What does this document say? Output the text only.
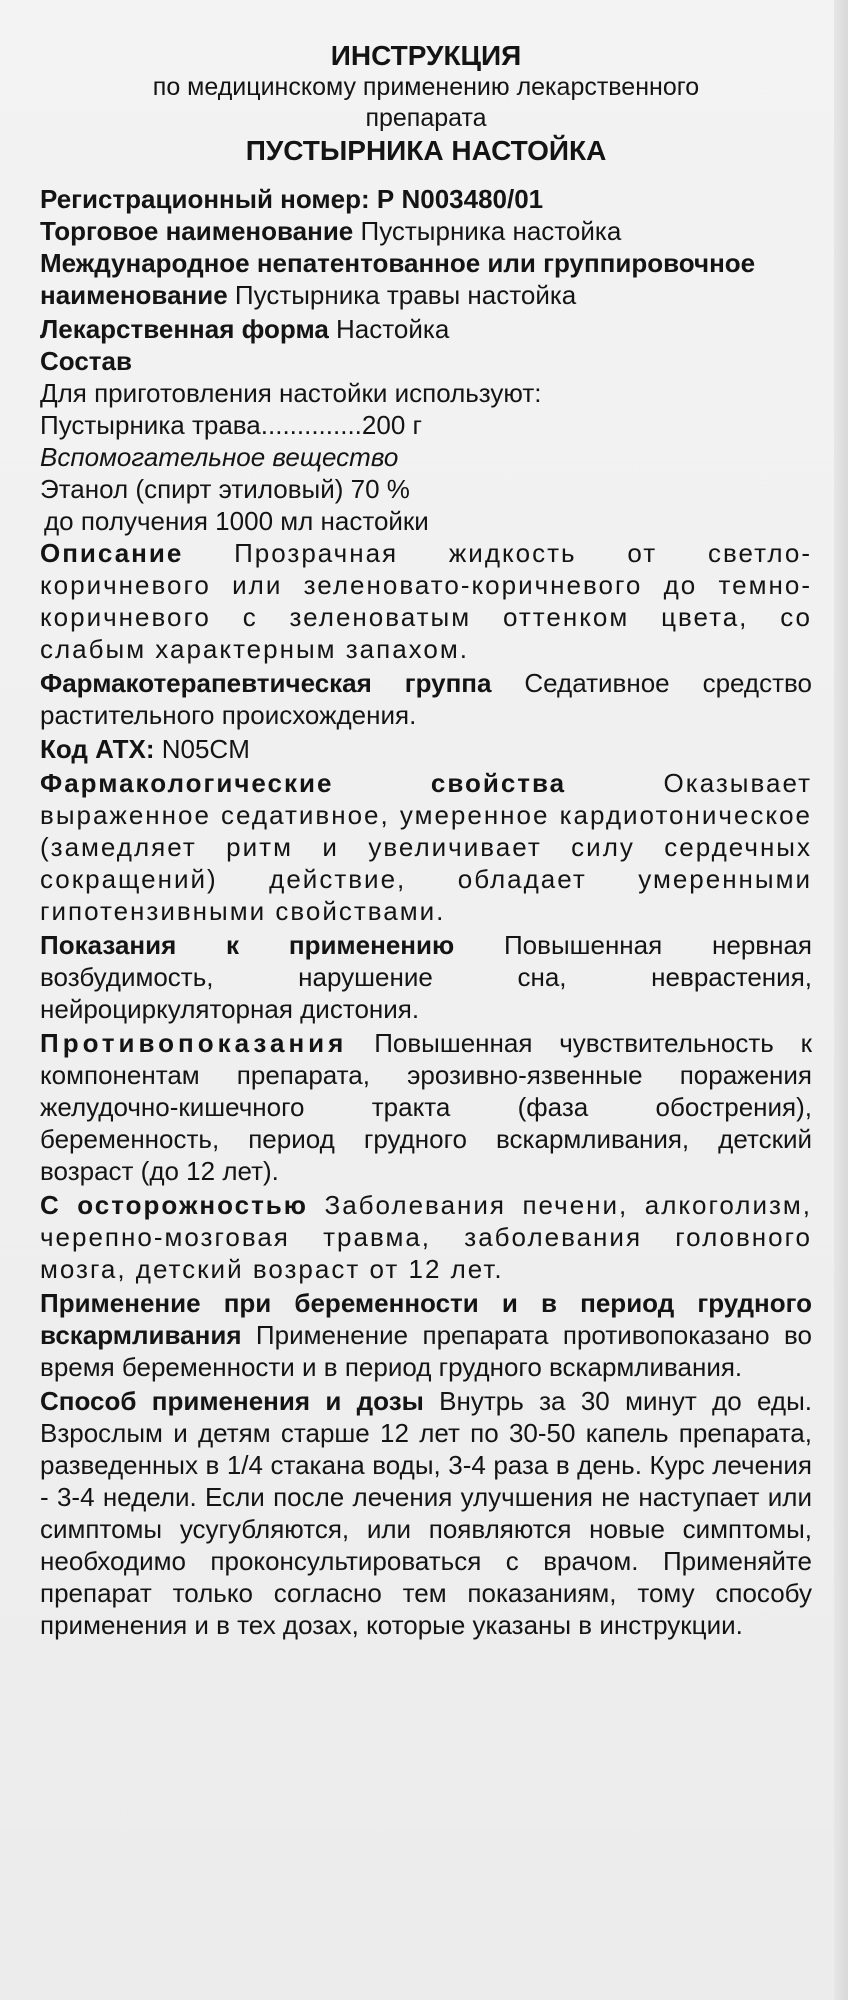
ИНСТРУКЦИЯ
по медицинскому применению лекарственного
препарата
ПУСТЫРНИКА НАСТОЙКА

Регистрационный номер: Р N003480/01

Торговое наименование Пустырника настойка

Международное непатентованное или группировочное наименование Пустырника травы настойка

Лекарственная форма Настойка

Состав

Для приготовления настойки используют:

Пустырника трава..............200 г

Вспомогательное вещество

Этанол (спирт этиловый) 70 %

до получения 1000 мл настойки

Описание Прозрачная жидкость от светло-коричневого или зеленовато-коричневого до темно-коричневого с зеленоватым оттенком цвета, со слабым характерным запахом.

Фармакотерапевтическая группа Седативное средство растительного происхождения.

Код АТХ: N05CM

Фармакологические свойства	Оказывает выраженное седативное, умеренное кардиотоническое (замедляет ритм и увеличивает силу сердечных сокращений) действие, обладает умеренными гипотензивными свойствами.

Показания к применению Повышенная нервная возбудимость, нарушение сна, неврастения, нейроциркуляторная дистония.

Противопоказания Повышенная чувствительность к компонентам препарата, эрозивно-язвенные поражения желудочно-кишечного тракта (фаза обострения), беременность, период грудного вскармливания, детский возраст (до 12 лет).

С осторожностью Заболевания печени, алкоголизм, черепно-мозговая травма, заболевания головного мозга, детский возраст от 12 лет.

Применение при беременности и в период грудного вскармливания Применение препарата противопоказано во время беременности и в период грудного вскармливания.

Способ применения и дозы Внутрь за 30 минут до еды. Взрослым и детям старше 12 лет по 30-50 капель препарата, разведенных в 1/4 стакана воды, 3-4 раза в день. Курс лечения - 3-4 недели. Если после лечения улучшения не наступает или симптомы усугубляются, или появляются новые симптомы, необходимо проконсультироваться с врачом. Применяйте препарат только согласно тем показаниям, тому способу применения и в тех дозах, которые указаны в инструкции.
